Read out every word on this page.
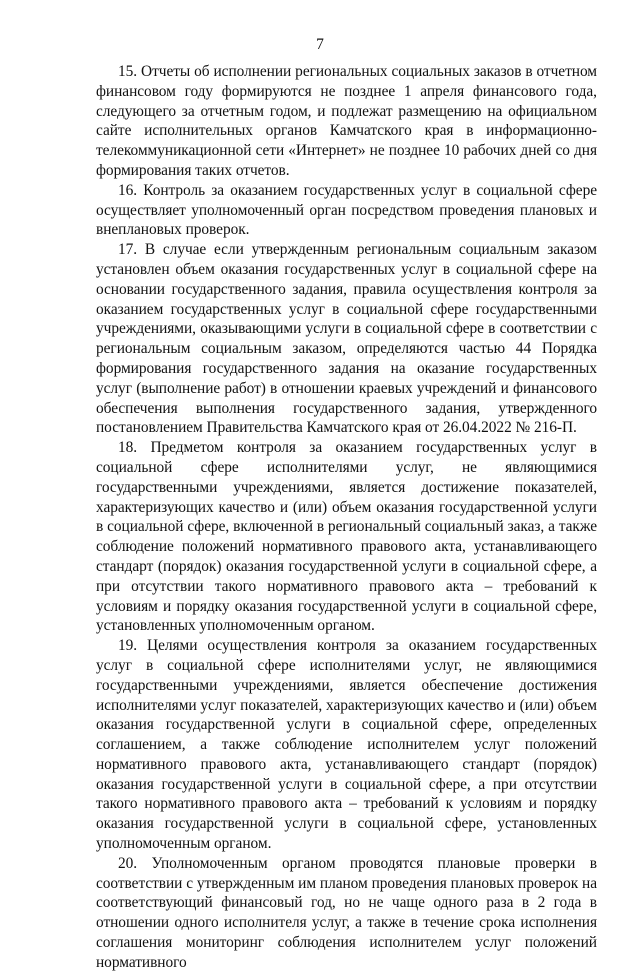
7

15. Отчеты об исполнении региональных социальных заказов в отчетном финансовом году формируются не позднее 1 апреля финансового года, следующего за отчетным годом, и подлежат размещению на официальном сайте исполнительных органов Камчатского края в информационно-телекоммуникационной сети «Интернет» не позднее 10 рабочих дней со дня формирования таких отчетов.

16. Контроль за оказанием государственных услуг в социальной сфере осуществляет уполномоченный орган посредством проведения плановых и внеплановых проверок.

17. В случае если утвержденным региональным социальным заказом установлен объем оказания государственных услуг в социальной сфере на основании государственного задания, правила осуществления контроля за оказанием государственных услуг в социальной сфере государственными учреждениями, оказывающими услуги в социальной сфере в соответствии с региональным социальным заказом, определяются частью 44 Порядка формирования государственного задания на оказание государственных услуг (выполнение работ) в отношении краевых учреждений и финансового обеспечения выполнения государственного задания, утвержденного постановлением Правительства Камчатского края от 26.04.2022 № 216-П.

18. Предметом контроля за оказанием государственных услуг в социальной сфере исполнителями услуг, не являющимися государственными учреждениями, является достижение показателей, характеризующих качество и (или) объем оказания государственной услуги в социальной сфере, включенной в региональный социальный заказ, а также соблюдение положений нормативного правового акта, устанавливающего стандарт (порядок) оказания государственной услуги в социальной сфере, а при отсутствии такого нормативного правового акта – требований к условиям и порядку оказания государственной услуги в социальной сфере, установленных уполномоченным органом.

19. Целями осуществления контроля за оказанием государственных услуг в социальной сфере исполнителями услуг, не являющимися государственными учреждениями, является обеспечение достижения исполнителями услуг показателей, характеризующих качество и (или) объем оказания государственной услуги в социальной сфере, определенных соглашением, а также соблюдение исполнителем услуг положений нормативного правового акта, устанавливающего стандарт (порядок) оказания государственной услуги в социальной сфере, а при отсутствии такого нормативного правового акта – требований к условиям и порядку оказания государственной услуги в социальной сфере, установленных уполномоченным органом.

20. Уполномоченным органом проводятся плановые проверки в соответствии с утвержденным им планом проведения плановых проверок на соответствующий финансовый год, но не чаще одного раза в 2 года в отношении одного исполнителя услуг, а также в течение срока исполнения соглашения мониторинг соблюдения исполнителем услуг положений нормативного
